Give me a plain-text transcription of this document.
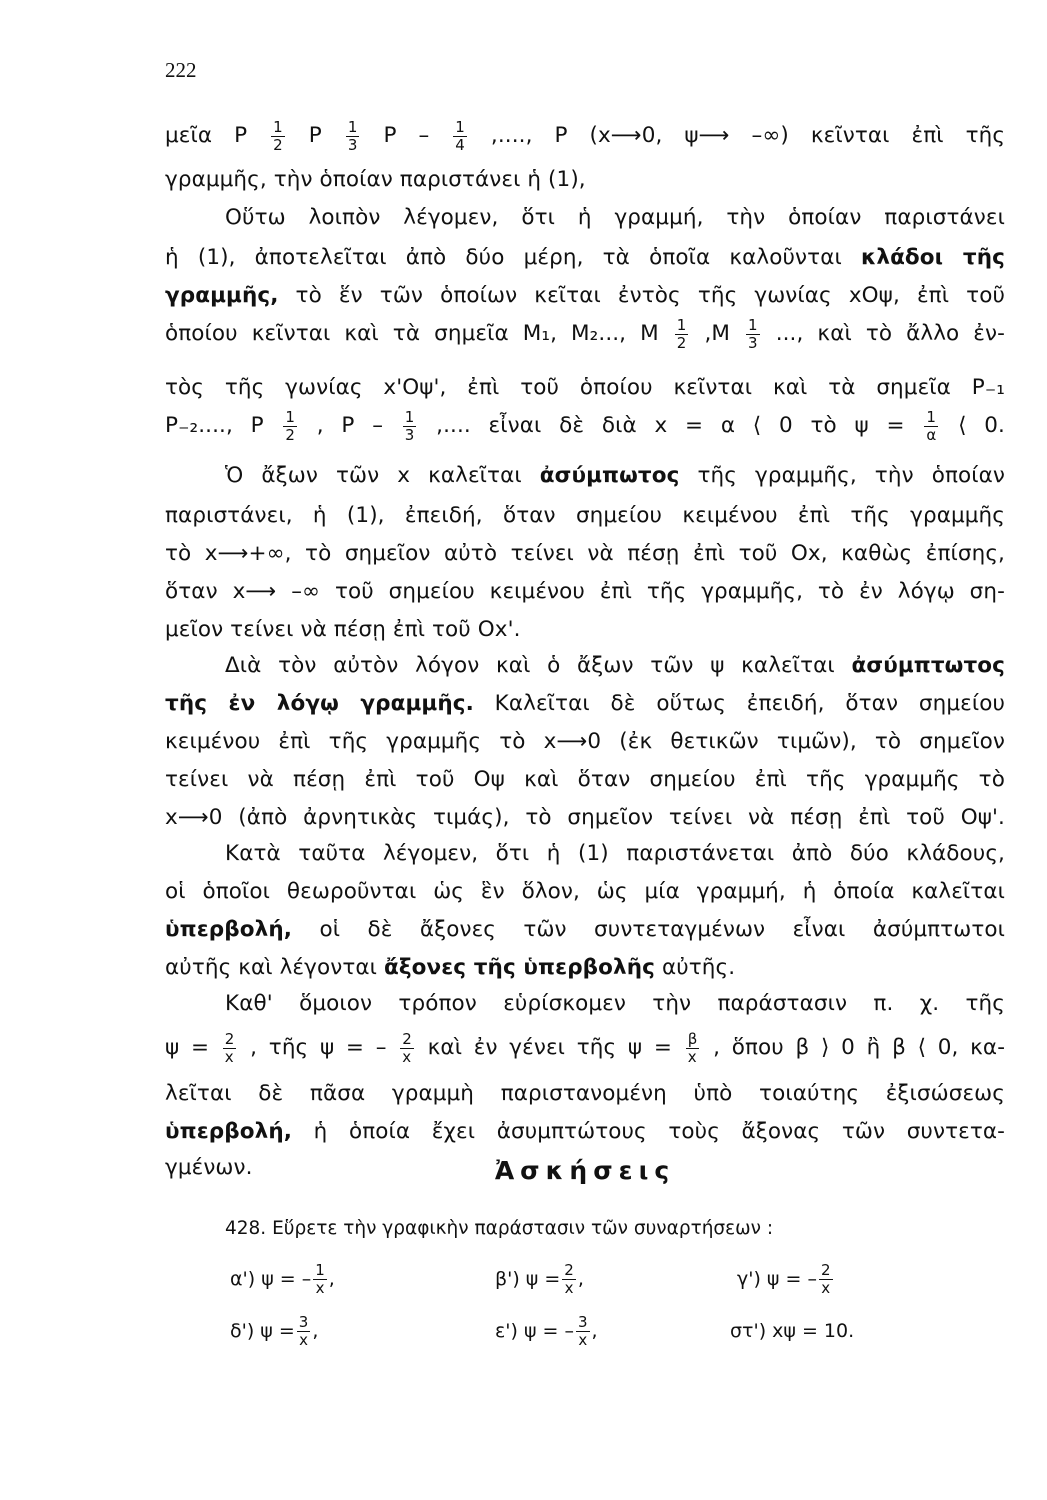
222
μεῖα P $\frac{1}{2}$ P $\frac{1}{3}$ P – $\frac{1}{4}$ ,...., P (x⟶0, ψ⟶ –∞) κεῖνται ἐπὶ τῆς
γραμμῆς, τὴν ὁποίαν παριστάνει ἡ (1),
Οὕτω λοιπὸν λέγομεν, ὅτι ἡ γραμμή, τὴν ὁποίαν παριστάνει
ἡ (1), ἀποτελεῖται ἀπὸ δύο μέρη, τὰ ὁποῖα καλοῦνται κλάδοι τῆς
γραμμῆς, τὸ ἕν τῶν ὁποίων κεῖται ἐντὸς τῆς γωνίας xOψ, ἐπὶ τοῦ
ὁποίου κεῖνται καὶ τὰ σημεῖα M₁, M₂..., M $\frac{1}{2} ,M \frac{1}{3}$ ..., καὶ τὸ ἄλλο ἐν-
τὸς τῆς γωνίας x'Oψ', ἐπὶ τοῦ ὁποίου κεῖνται καὶ τὰ σημεῖα P₋₁
P₋₂...., P $\frac{1}{2}$ , P – $\frac{1}{3}$ ,.... εἶναι δὲ διὰ x = α ⟨ 0 τὸ $\psi = \frac{1}{\alpha}$ ⟨ 0.
Ὁ ἄξων τῶν x καλεῖται ἀσύμπωτος τῆς γραμμῆς, τὴν ὁποίαν
παριστάνει, ἡ (1), ἐπειδή, ὅταν σημείου κειμένου ἐπὶ τῆς γραμμῆς
τὸ x⟶+∞, τὸ σημεῖον αὐτὸ τείνει νὰ πέσῃ ἐπὶ τοῦ Ox, καθὼς ἐπίσης,
ὅταν x⟶ –∞ τοῦ σημείου κειμένου ἐπὶ τῆς γραμμῆς, τὸ ἐν λόγῳ ση-
μεῖον τείνει νὰ πέσῃ ἐπὶ τοῦ Ox'.
Διὰ τὸν αὐτὸν λόγον καὶ ὁ ἄξων τῶν ψ καλεῖται ἀσύμπτωτος
τῆς ἐν λόγῳ γραμμῆς. Καλεῖται δὲ οὕτως ἐπειδή, ὅταν σημείου
κειμένου ἐπὶ τῆς γραμμῆς τὸ x⟶0 (ἐκ θετικῶν τιμῶν), τὸ σημεῖον
τείνει νὰ πέσῃ ἐπὶ τοῦ Oψ καὶ ὅταν σημείου ἐπὶ τῆς γραμμῆς τὸ
x⟶0 (ἀπὸ ἀρνητικὰς τιμάς), τὸ σημεῖον τείνει νὰ πέσῃ ἐπὶ τοῦ Oψ'.
Κατὰ ταῦτα λέγομεν, ὅτι ἡ (1) παριστάνεται ἀπὸ δύο κλάδους,
οἱ ὁποῖοι θεωροῦνται ὡς ἓν ὅλον, ὡς μία γραμμή, ἡ ὁποία καλεῖται
ὑπερβολή, οἱ δὲ ἄξονες τῶν συντεταγμένων εἶναι ἀσύμπτωτοι
αὐτῆς καὶ λέγονται ἄξονες τῆς ὑπερβολῆς αὐτῆς.
Καθ' ὅμοιον τρόπον εὑρίσκομεν τὴν παράστασιν π. χ. τῆς
$\psi = \frac{2}{x}$ , τῆς ψ = – $\frac{2}{x}$ καὶ ἐν γένει τῆς $\psi = \frac{\beta}{x}$ , ὅπου β ⟩ 0 ἢ β ⟨ 0, κα-
λεῖται δὲ πᾶσα γραμμὴ παριστανομένη ὑπὸ τοιαύτης ἐξισώσεως
ὑπερβολή, ἡ ὁποία ἔχει ἀσυμπτώτους τοὺς ἄξονας τῶν συντετα-
γμένων.	Ἀσκήσεις
428. Εὕρετε τὴν γραφικὴν παράστασιν τῶν συναρτήσεων :
α') ψ = – $\frac{1}{x}$ ,	β') $\psi = \frac{2}{x}$ ,	γ') ψ = – $\frac{2}{x}$
δ') $\psi = \frac{3}{x}$ ,	ε') ψ = – $\frac{3}{x}$ ,	στ') xψ = 10.
